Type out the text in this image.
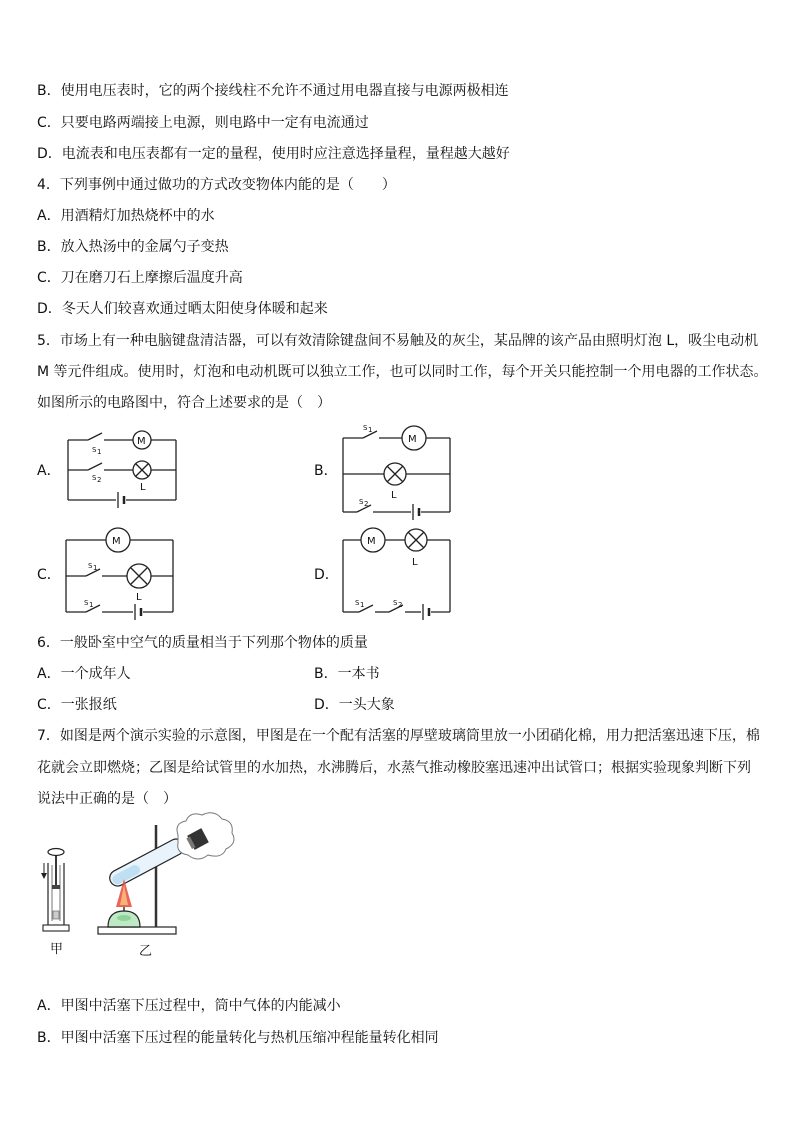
B．使用电压表时，它的两个接线柱不允许不通过用电器直接与电源两极相连
C．只要电路两端接上电源，则电路中一定有电流通过
D．电流表和电压表都有一定的量程，使用时应注意选择量程，量程越大越好
4．下列事例中通过做功的方式改变物体内能的是（　　）
A．用酒精灯加热烧杯中的水
B．放入热汤中的金属勺子变热
C．刀在磨刀石上摩擦后温度升高
D．冬天人们较喜欢通过晒太阳使身体暖和起来
5．市场上有一种电脑键盘清洁器，可以有效清除键盘间不易触及的灰尘，某品牌的该产品由照明灯泡 L，吸尘电动机
M 等元件组成。使用时，灯泡和电动机既可以独立工作，也可以同时工作，每个开关只能控制一个用电器的工作状态。
如图所示的电路图中，符合上述要求的是（　）
A．	B．
C．	D．
M
L
S 1
S 2
M
S 1
L
S 2
M
S 1
S 1
L
M
L
S 1	S 2
6．一般卧室中空气的质量相当于下列那个物体的质量
A．一个成年人	B．一本书
C．一张报纸	D．一头大象
7．如图是两个演示实验的示意图，甲图是在一个配有活塞的厚壁玻璃筒里放一小团硝化棉，用力把活塞迅速下压，棉
花就会立即燃烧；乙图是给试管里的水加热，水沸腾后，水蒸气推动橡胶塞迅速冲出试管口；根据实验现象判断下列
说法中正确的是（　）
甲	乙
A．甲图中活塞下压过程中，筒中气体的内能减小
B．甲图中活塞下压过程的能量转化与热机压缩冲程能量转化相同
